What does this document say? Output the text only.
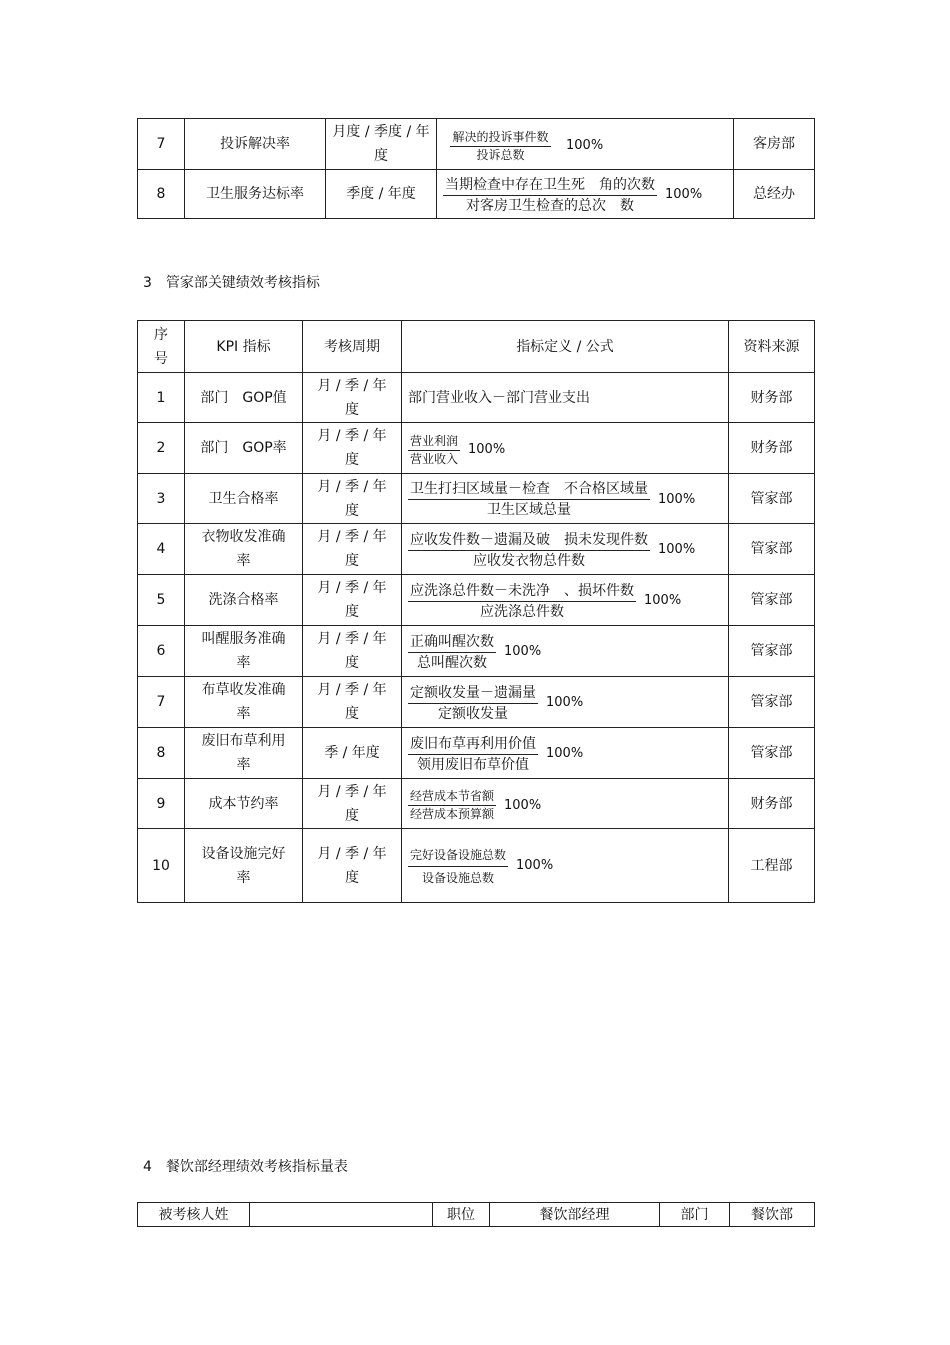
7	投诉解决率	月度 / 季度 / 年度	$\frac{\text{解决的投诉事件数}}{\text{投诉总数}} 100\%$	客房部
8	卫生服务达标率	季度 / 年度	$\frac{\text{当期检查中存在卫生死　角的次数}}{\text{对客房卫生检查的总次　数}} 100\%$	总经办
3　管家部关键绩效考核指标
序号	KPI 指标	考核周期	指标定义 / 公式	资料来源
1	部门　GOP值	月 / 季 / 年度	部门营业收入－部门营业支出	财务部
2	部门　GOP率	月 / 季 / 年度	$\frac{\text{营业利润}}{\text{营业收入}} 100\%$	财务部
3	卫生合格率	月 / 季 / 年度	$\frac{\text{卫生打扫区域量－检查　不合格区域量}}{\text{卫生区域总量}} 100\%$	管家部
4	衣物收发准确率	月 / 季 / 年度	$\frac{\text{应收发件数－遗漏及破　损未发现件数}}{\text{应收发衣物总件数}} 100\%$	管家部
5	洗涤合格率	月 / 季 / 年度	$\frac{\text{应洗涤总件数－未洗净　、损坏件数}}{\text{应洗涤总件数}} 100\%$	管家部
6	叫醒服务准确率	月 / 季 / 年度	$\frac{\text{正确叫醒次数}}{\text{总叫醒次数}} 100\%$	管家部
7	布草收发准确率	月 / 季 / 年度	$\frac{\text{定额收发量－遗漏量}}{\text{定额收发量}} 100\%$	管家部
8	废旧布草利用率	季 / 年度	$\frac{\text{废旧布草再利用价值}}{\text{领用废旧布草价值}} 100\%$	管家部
9	成本节约率	月 / 季 / 年度	$\frac{\text{经营成本节省额}}{\text{经营成本预算额}} 100\%$	财务部
10	设备设施完好率	月 / 季 / 年度	$\frac{\text{完好设备设施总数}}{\text{设备设施总数}} 100\%$	工程部
4　餐饮部经理绩效考核指标量表
被考核人姓		职位	餐饮部经理	部门	餐饮部
